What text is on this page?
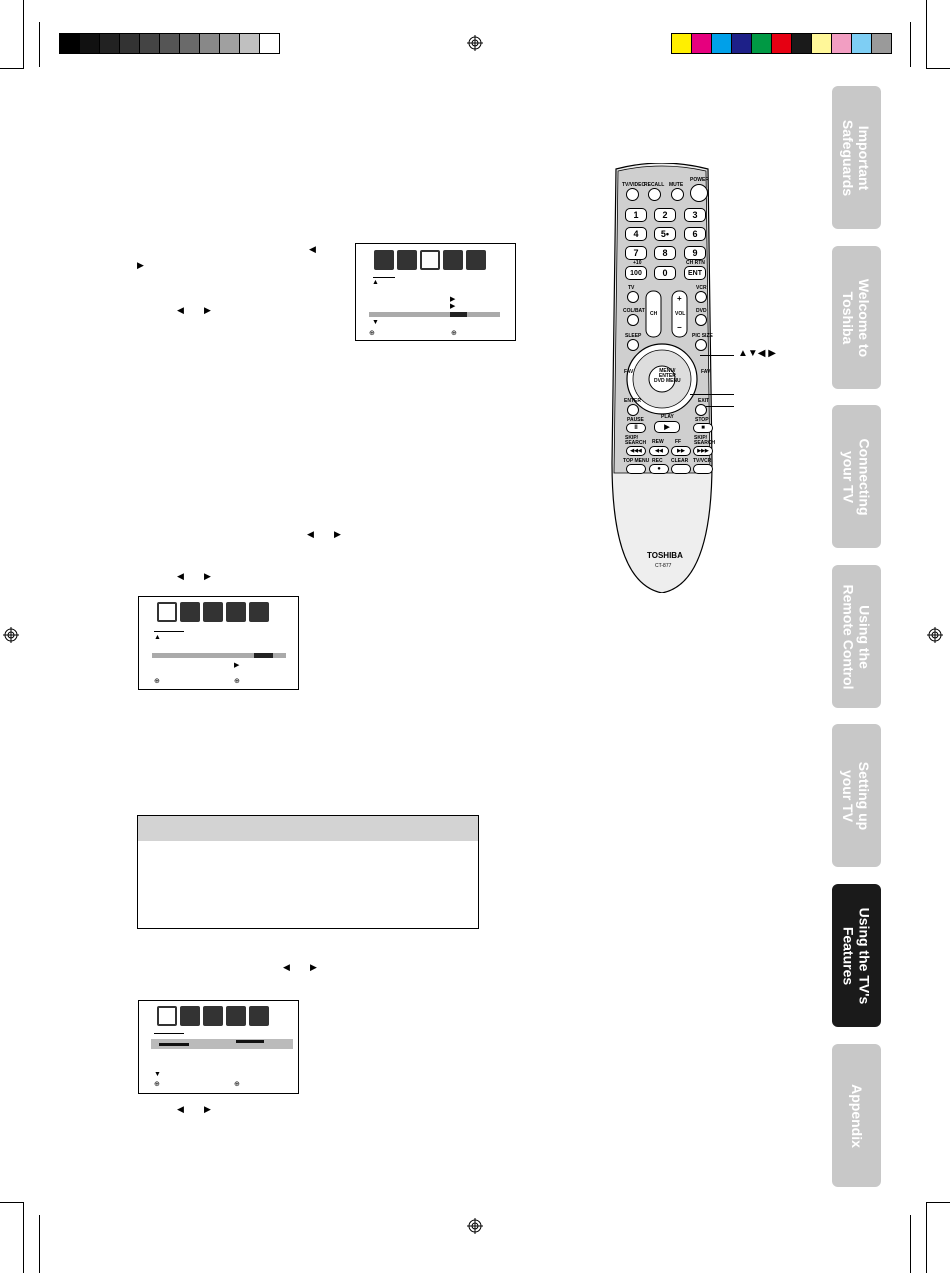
Important
Safeguards
Welcome to
Toshiba
Connecting
your TV
Using the
Remote Control
Setting up
your TV
Using the TV's
Features
Appendix
◀
▶
◀ ▶
◀ ▶
◀ ▶
◀ ▶
◀ ▶
▲
▶
▶
▼
⊕	⊕
▲
▶
⊕	⊕
▼
⊕	⊕
TV/VIDEO
RECALL MUTE
POWER
1	2	3
4	5•	6
7	8	9
+10	CH RTN
100	0	ENT
TV	VCR
COL/BAT	DVD
CH	VOL
+
−
SLEEP	PIC SIZE
FAV	FAV
MENU/
ENTER
DVD MENU
ENTER	EXIT
PAUSE	PLAY	STOP
II	▶	■
SKIP/
SEARCH REW FF
SKIP/
SEARCH
◀◀◀	◀◀	▶▶	▶▶▶
TOP MENU REC CLEAR TV/VCR
●
TOSHIBA
CT-877
▲▼◀ ▶
